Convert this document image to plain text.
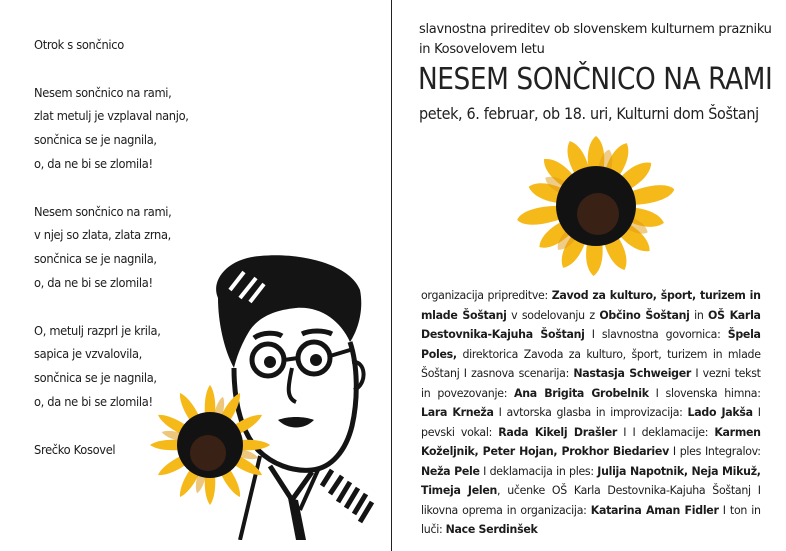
Otrok s sončnico
Nesem sončnico na rami,
zlat metulj je vzplaval nanjo,
sončnica se je nagnila,
o, da ne bi se zlomila!
Nesem sončnico na rami,
v njej so zlata, zlata zrna,
sončnica se je nagnila,
o, da ne bi se zlomila!
O, metulj razprl je krila,
sapica je vzvalovila,
sončnica se je nagnila,
o, da ne bi se zlomila!
Srečko Kosovel
slavnostna prireditev ob slovenskem kulturnem prazniku
in Kosovelovem letu
NESEM SONČNICO NA RAMI
petek, 6. februar, ob 18. uri, Kulturni dom Šoštanj
organizacija pripreditve: Zavod za kulturo, šport, turizem in mlade Šoštanj v sodelovanju z Občino Šoštanj in OŠ Karla Destovnika-Kajuha Šoštanj I slavnostna govornica: Špela Poles, direktorica Zavoda za kulturo, šport, turizem in mlade Šoštanj I zasnova scenarija: Nastasja Schweiger I vezni tekst in povezovanje: Ana Brigita Grobelnik I slovenska himna: Lara Krneža I avtorska glasba in improvizacija: Lado Jakša I pevski vokal: Rada Kikelj Drašler I I deklamacije: Karmen Koželjnik, Peter Hojan, Prokhor Biedariev I ples Integralov: Neža Pele I deklamacija in ples: Julija Napotnik, Neja Mikuž, Timeja Jelen, učenke OŠ Karla Destovnika-Kajuha Šoštanj I likovna oprema in organizacija: Katarina Aman Fidler I ton in luči: Nace Serdinšek
